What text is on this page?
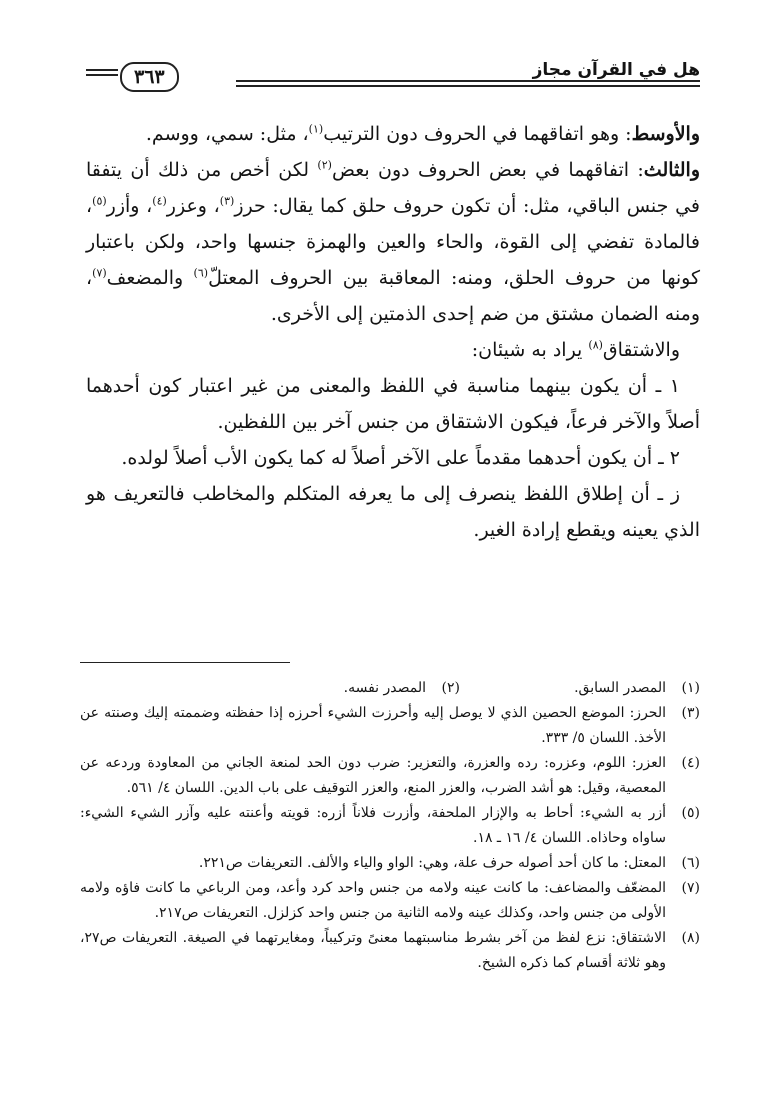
هل في القرآن مجاز
٣٦٣

والأوسط: وهو اتفاقهما في الحروف دون الترتيب$^{(١)}$، مثل: سمي، ووسم.

والثالث: اتفاقهما في بعض الحروف دون بعض$^{(٢)}$ لكن أخص من ذلك أن يتفقا في جنس الباقي، مثل: أن تكون حروف حلق كما يقال: حرز$^{(٣)}$، وعزر$^{(٤)}$، وأزر$^{(٥)}$، فالمادة تفضي إلى القوة، والحاء والعين والهمزة جنسها واحد، ولكن باعتبار كونها من حروف الحلق، ومنه: المعاقبة بين الحروف المعتلّ$^{(٦)}$ والمضعف$^{(٧)}$، ومنه الضمان مشتق من ضم إحدى الذمتين إلى الأخرى.

والاشتقاق$^{(٨)}$ يراد به شيئان:

١ ـ أن يكون بينهما مناسبة في اللفظ والمعنى من غير اعتبار كون أحدهما أصلاً والآخر فرعاً، فيكون الاشتقاق من جنس آخر بين اللفظين.

٢ ـ أن يكون أحدهما مقدماً على الآخر أصلاً له كما يكون الأب أصلاً لولده.

ز ـ أن إطلاق اللفظ ينصرف إلى ما يعرفه المتكلم والمخاطب فالتعريف هو الذي يعينه ويقطع إرادة الغير.

(١)
المصدر السابق.
(٢)
المصدر نفسه.
(٣)
الحرز: الموضع الحصين الذي لا يوصل إليه وأحرزت الشيء أحرزه إذا حفظته وضممته إليك وصنته عن الأخذ. اللسان ٥/ ٣٣٣.
(٤)
العزر: اللوم، وعزره: رده والعزرة، والتعزير: ضرب دون الحد لمنعة الجاني من المعاودة وردعه عن المعصية، وقيل: هو أشد الضرب، والعزر المنع، والعزر التوقيف على باب الدين. اللسان ٤/ ٥٦١.
(٥)
أزر به الشيء: أحاط به والإزار الملحفة، وأزرت فلاناً أزره: قويته وأعنته عليه وآزر الشيء الشيء: ساواه وحاذاه. اللسان ٤/ ١٦ ـ ١٨.
(٦)
المعتل: ما كان أحد أصوله حرف علة، وهي: الواو والياء والألف. التعريفات ص٢٢١.
(٧)
المضعّف والمضاعف: ما كانت عينه ولامه من جنس واحد كرد وأعد، ومن الرباعي ما كانت فاؤه ولامه الأولى من جنس واحد، وكذلك عينه ولامه الثانية من جنس واحد كزلزل. التعريفات ص٢١٧.
(٨)
الاشتقاق: نزع لفظ من آخر بشرط مناسبتهما معنىً وتركيباً، ومغايرتهما في الصيغة. التعريفات ص٢٧، وهو ثلاثة أقسام كما ذكره الشيخ.
